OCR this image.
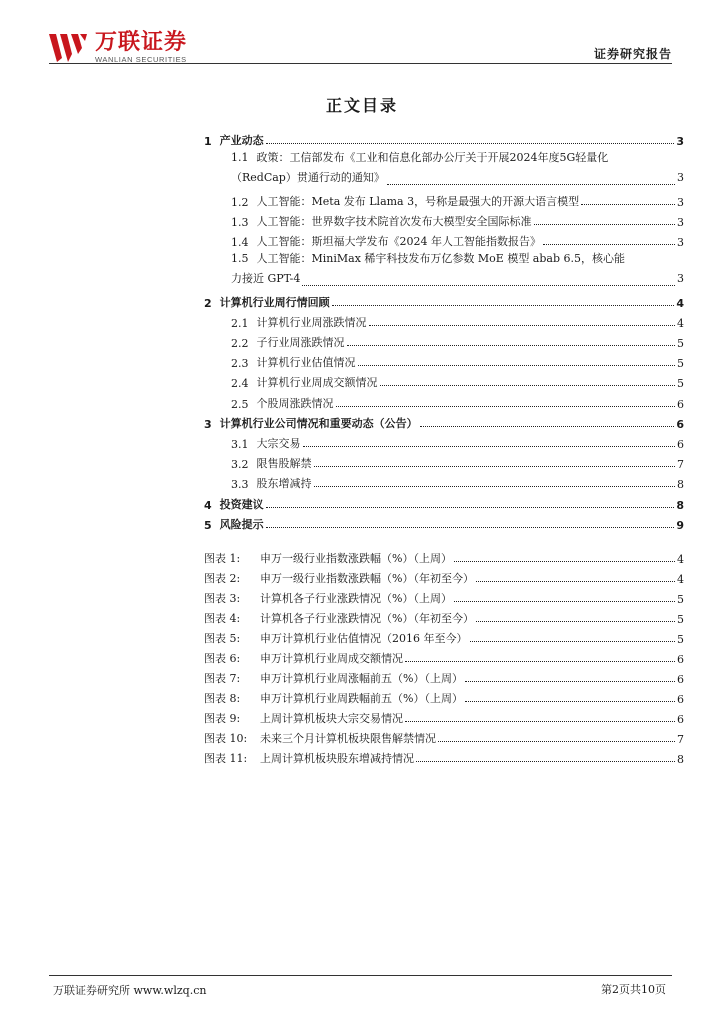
万联证券
WANLIAN SECURITIES	证券研究报告
正文目录
1 产业动态	3
1.1 政策：工信部发布《工业和信息化部办公厅关于开展2024年度5G轻量化
（RedCap）贯通行动的通知》	3
1.2 人工智能：Meta 发布 Llama 3，号称是最强大的开源大语言模型	3
1.3 人工智能：世界数字技术院首次发布大模型安全国际标准	3
1.4 人工智能：斯坦福大学发布《2024 年人工智能指数报告》	3
1.5 人工智能：MiniMax 稀宇科技发布万亿参数 MoE 模型 abab 6.5，核心能
力接近 GPT-4	3
2 计算机行业周行情回顾	4
2.1 计算机行业周涨跌情况	4
2.2 子行业周涨跌情况	5
2.3 计算机行业估值情况	5
2.4 计算机行业周成交额情况	5
2.5 个股周涨跌情况	6
3 计算机行业公司情况和重要动态（公告）	6
3.1 大宗交易	6
3.2 限售股解禁	7
3.3 股东增减持	8
4 投资建议	8
5 风险提示	9
图表 1:	申万一级行业指数涨跌幅（%）（上周）	4
图表 2:	申万一级行业指数涨跌幅（%）（年初至今）	4
图表 3:	计算机各子行业涨跌情况（%）（上周）	5
图表 4:	计算机各子行业涨跌情况（%）（年初至今）	5
图表 5:	申万计算机行业估值情况（2016 年至今）	5
图表 6:	申万计算机行业周成交额情况	6
图表 7:	申万计算机行业周涨幅前五（%）（上周）	6
图表 8:	申万计算机行业周跌幅前五（%）（上周）	6
图表 9:	上周计算机板块大宗交易情况	6
图表 10:	未来三个月计算机板块限售解禁情况	7
图表 11:	上周计算机板块股东增减持情况	8
万联证券研究所 www.wlzq.cn	第2页共10页
